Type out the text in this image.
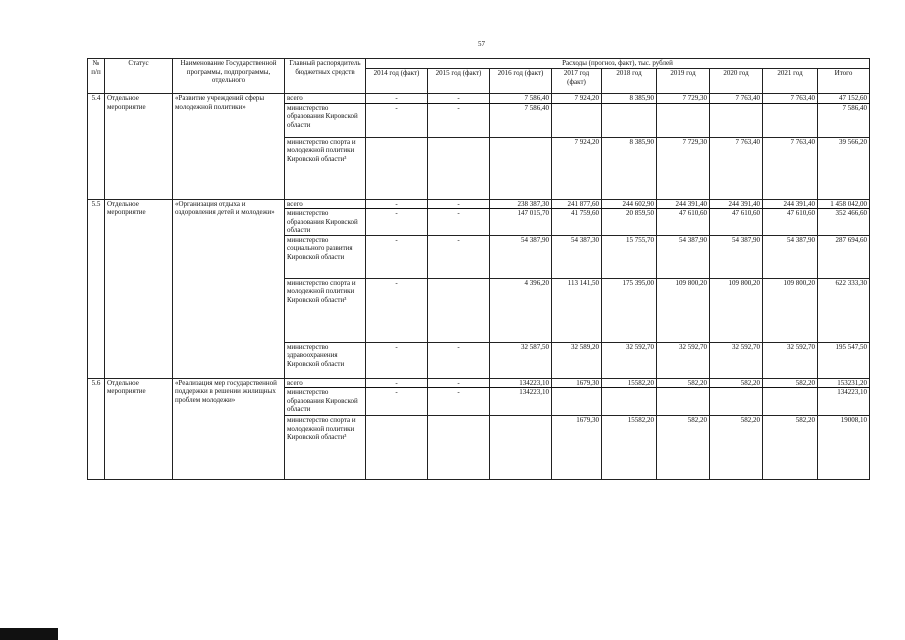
57
№ п/п	Статус	Наименование Государственной программы, подпрограммы, отдельного	Главный распорядитель бюджетных средств	Расходы (прогноз, факт), тыс. рублей								
				2014 год (факт)	2015 год (факт)	2016 год (факт)	2017 год (факт)	2018 год	2019 год	2020 год	2021 год	Итого
5.4	Отдельное мероприятие	«Развитие учреждений сферы молодежной политики»	всего	-	-	7 586,40	7 924,20	8 385,90	7 729,30	7 763,40	7 763,40	47 152,60
			министерство образования Кировской области	-	-	7 586,40						7 586,40
			министерство спорта и молодежной политики Кировской области³				7 924,20	8 385,90	7 729,30	7 763,40	7 763,40	39 566,20
5.5	Отдельное мероприятие	«Организация отдыха и оздоровления детей и молодежи»	всего	-	-	238 387,30	241 877,60	244 602,90	244 391,40	244 391,40	244 391,40	1 458 042,00
			министерство образования Кировской области	-	-	147 015,70	41 759,60	20 859,50	47 610,60	47 610,60	47 610,60	352 466,60
			министерство социального развития Кировской области	-	-	54 387,90	54 387,30	15 755,70	54 387,90	54 387,90	54 387,90	287 694,60
			министерство спорта и молодежной политики Кировской области³	-		4 396,20	113 141,50	175 395,00	109 800,20	109 800,20	109 800,20	622 333,30
			министерство здравоохранения Кировской области	-	-	32 587,50	32 589,20	32 592,70	32 592,70	32 592,70	32 592,70	195 547,50
5.6	Отдельное мероприятие	«Реализация мер государственной поддержки в решении жилищных проблем молодежи»	всего	-	-	134223,10	1679,30	15582,20	582,20	582,20	582,20	153231,20
			министерство образования Кировской области	-	-	134223,10						134223,10
			министерство спорта и молодежной политики Кировской области³				1679,30	15582,20	582,20	582,20	582,20	19008,10
